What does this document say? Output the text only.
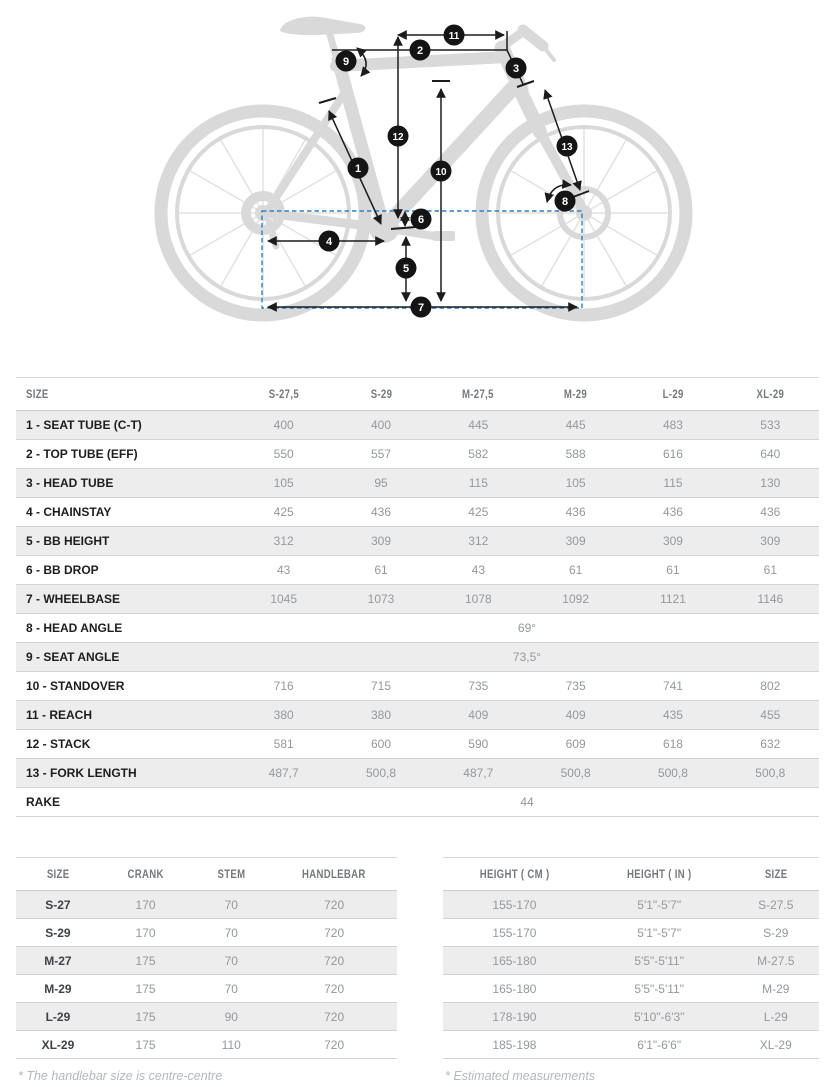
1
2
3
4
5
6
7
8
9
10
11
12
13
SIZE	S-27,5	S-29	M-27,5	M-29	L-29	XL-29
1 - SEAT TUBE (C-T)	400	400	445	445	483	533
2 - TOP TUBE (EFF)	550	557	582	588	616	640
3 - HEAD TUBE	105	95	115	105	115	130
4 - CHAINSTAY	425	436	425	436	436	436
5 - BB HEIGHT	312	309	312	309	309	309
6 - BB DROP	43	61	43	61	61	61
7 - WHEELBASE	1045	1073	1078	1092	1121	1146
8 - HEAD ANGLE	69°					
9 - SEAT ANGLE	73,5°					
10 - STANDOVER	716	715	735	735	741	802
11 - REACH	380	380	409	409	435	455
12 - STACK	581	600	590	609	618	632
13 - FORK LENGTH	487,7	500,8	487,7	500,8	500,8	500,8
RAKE	44					
SIZE	CRANK	STEM	HANDLEBAR
S-27	170	70	720
S-29	170	70	720
M-27	175	70	720
M-29	175	70	720
L-29	175	90	720
XL-29	175	110	720
* The handlebar size is centre-centre
HEIGHT ( CM )	HEIGHT ( IN )	SIZE
155-170	5'1"-5'7"	S-27.5
155-170	5'1"-5'7"	S-29
165-180	5'5"-5'11"	M-27.5
165-180	5'5"-5'11"	M-29
178-190	5'10"-6'3"	L-29
185-198	6'1"-6'6"	XL-29
* Estimated measurements
